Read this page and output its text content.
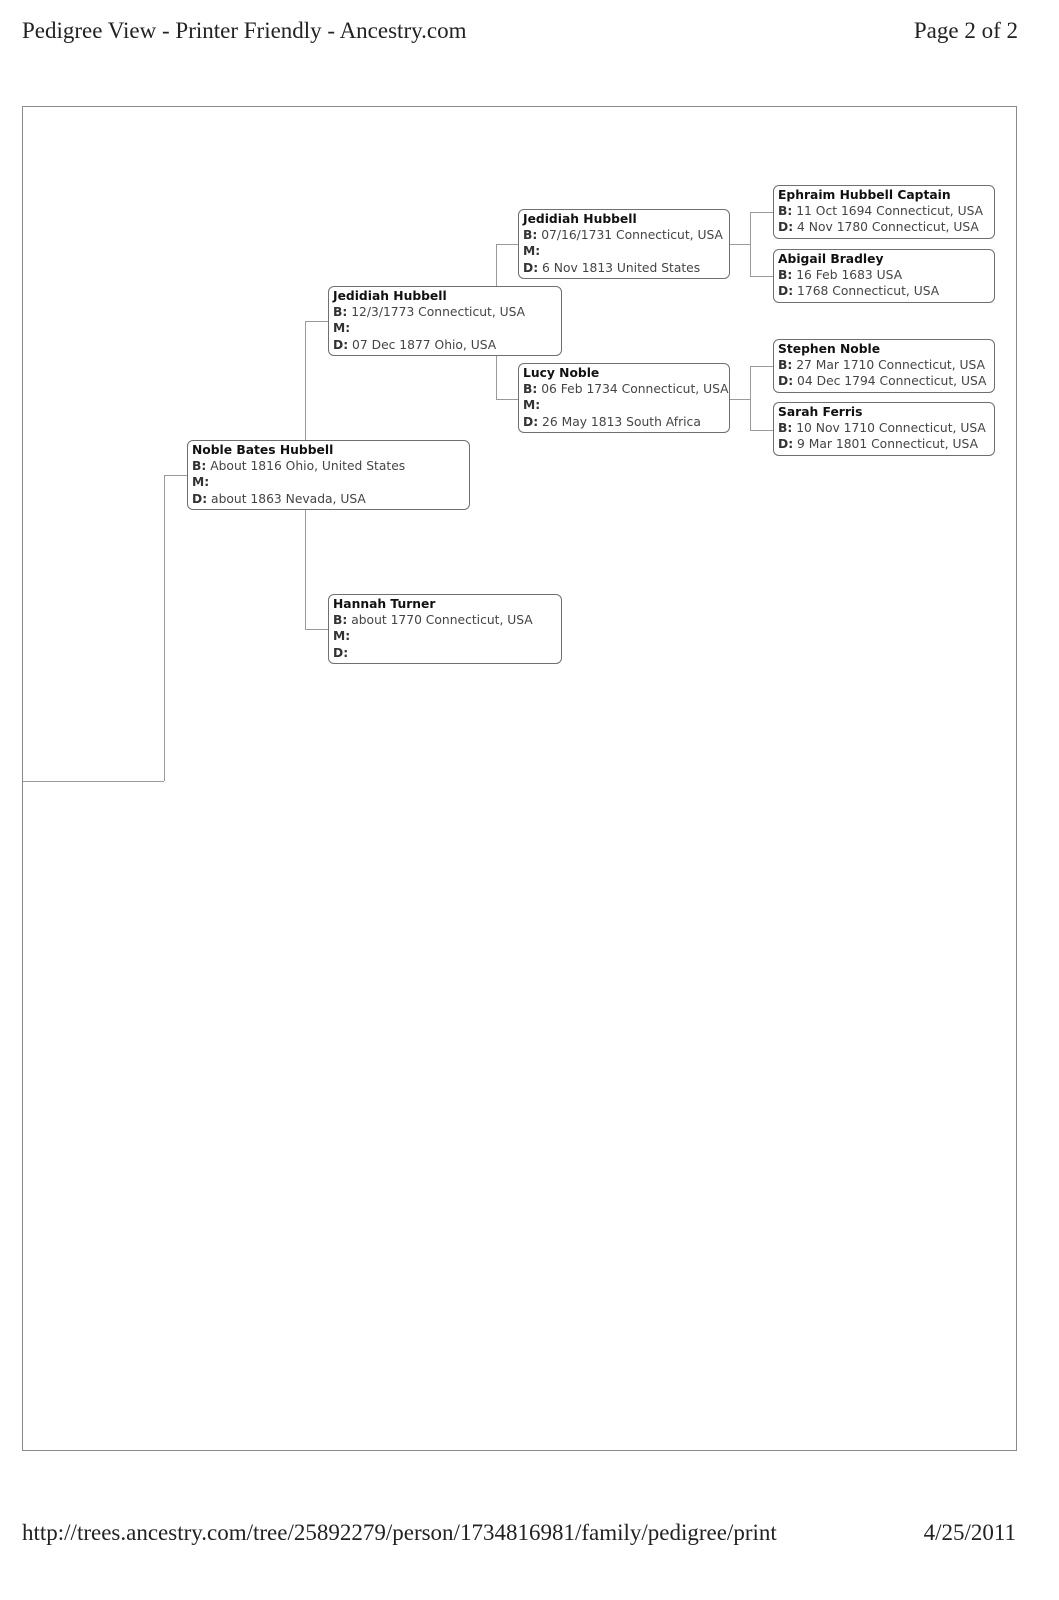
Pedigree View - Printer Friendly - Ancestry.com	Page 2 of 2
http://trees.ancestry.com/tree/25892279/person/1734816981/family/pedigree/print	4/25/2011
Noble Bates Hubbell
B: About 1816 Ohio, United States
M:
D: about 1863 Nevada, USA
Jedidiah Hubbell
B: 12/3/1773 Connecticut, USA
M:
D: 07 Dec 1877 Ohio, USA
Hannah Turner
B: about 1770 Connecticut, USA
M:
D:
Jedidiah Hubbell
B: 07/16/1731 Connecticut, USA
M:
D: 6 Nov 1813 United States
Lucy Noble
B: 06 Feb 1734 Connecticut, USA
M:
D: 26 May 1813 South Africa
Ephraim Hubbell Captain
B: 11 Oct 1694 Connecticut, USA
D: 4 Nov 1780 Connecticut, USA
Abigail Bradley
B: 16 Feb 1683 USA
D: 1768 Connecticut, USA
Stephen Noble
B: 27 Mar 1710 Connecticut, USA
D: 04 Dec 1794 Connecticut, USA
Sarah Ferris
B: 10 Nov 1710 Connecticut, USA
D: 9 Mar 1801 Connecticut, USA
